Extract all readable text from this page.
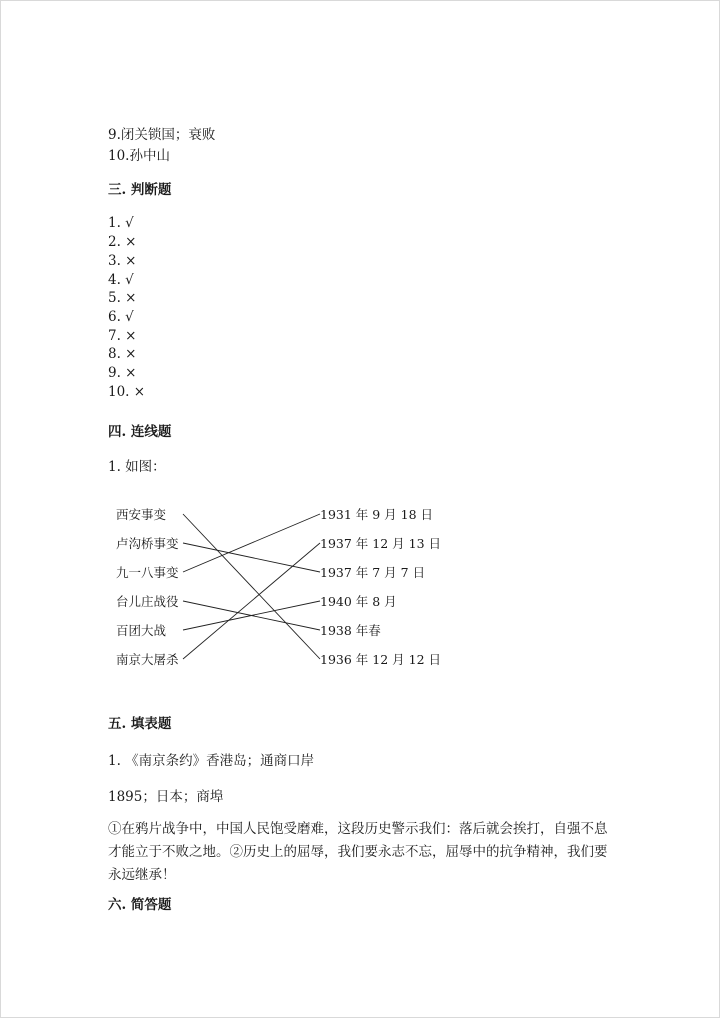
9.闭关锁国；衰败
10.孙中山
三. 判断题
1. √
2. ×
3. ×
4. √
5. ×
6. √
7. ×
8. ×
9. ×
10. ×
四. 连线题
1. 如图：
西安事变
卢沟桥事变
九一八事变
台儿庄战役
百团大战
南京大屠杀
1931 年 9 月 18 日
1937 年 12 月 13 日
1937 年 7 月 7 日
1940 年 8 月
1938 年春
1936 年 12 月 12 日
五. 填表题
1. 《南京条约》香港岛；通商口岸
1895；日本；商埠
①在鸦片战争中，中国人民饱受磨难，这段历史警示我们：落后就会挨打，自强不息才能立于不败之地。②历史上的屈辱，我们要永志不忘，屈辱中的抗争精神，我们要永远继承！
六. 简答题
